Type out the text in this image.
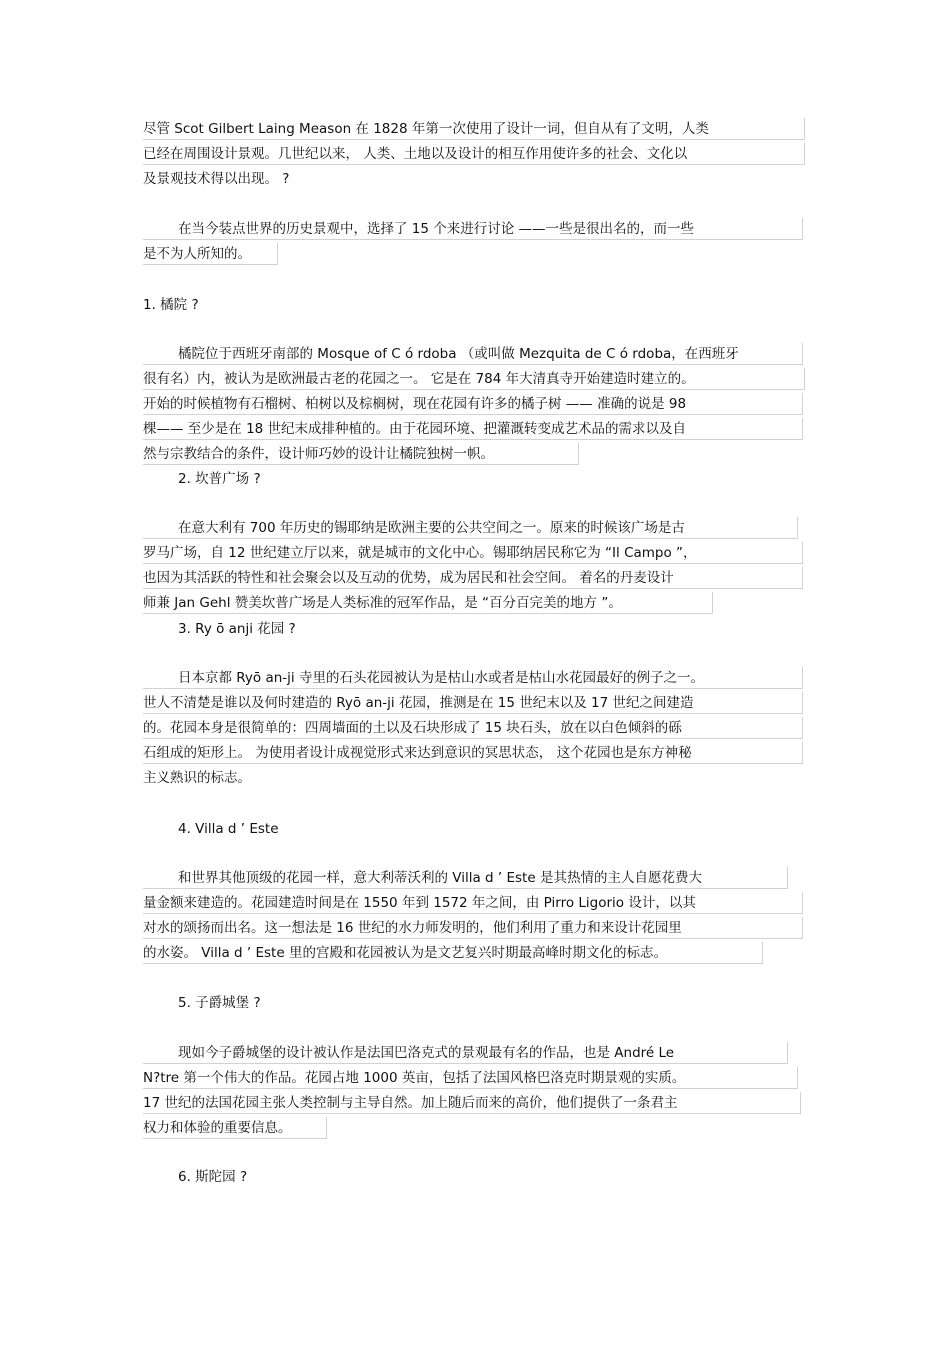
尽管 Scot Gilbert Laing Meason 在 1828 年第一次使用了设计一词，但自从有了文明，人类
已经在周围设计景观。几世纪以来， 人类、土地以及设计的相互作用使许多的社会、文化以
及景观技术得以出现。 ?
在当今装点世界的历史景观中，选择了 15 个来进行讨论 ——一些是很出名的，而一些
是不为人所知的。
1. 橘院 ?
橘院位于西班牙南部的 Mosque of C ó rdoba （或叫做 Mezquita de C ó rdoba，在西班牙
很有名）内，被认为是欧洲最古老的花园之一。 它是在 784 年大清真寺开始建造时建立的。
开始的时候植物有石榴树、柏树以及棕榈树，现在花园有许多的橘子树 —— 准确的说是 98
棵—— 至少是在 18 世纪末成排种植的。由于花园环境、把灌溉转变成艺术品的需求以及自
然与宗教结合的条件，设计师巧妙的设计让橘院独树一帜。
2. 坎普广场 ?
在意大利有 700 年历史的锡耶纳是欧洲主要的公共空间之一。原来的时候该广场是古
罗马广场，自 12 世纪建立厅以来，就是城市的文化中心。锡耶纳居民称它为 “Il Campo ”，
也因为其活跃的特性和社会聚会以及互动的优势，成为居民和社会空间。 着名的丹麦设计
师兼 Jan Gehl 赞美坎普广场是人类标准的冠军作品，是 “百分百完美的地方 ”。
3. Ry ō anji 花园 ?
日本京都 Ryō an-ji 寺里的石头花园被认为是枯山水或者是枯山水花园最好的例子之一。
世人不清楚是谁以及何时建造的 Ryō an-ji 花园，推测是在 15 世纪末以及 17 世纪之间建造
的。花园本身是很简单的：四周墙面的土以及石块形成了 15 块石头，放在以白色倾斜的砾
石组成的矩形上。 为使用者设计成视觉形式来达到意识的冥思状态， 这个花园也是东方神秘
主义熟识的标志。
4. Villa d ’ Este
和世界其他顶级的花园一样，意大利蒂沃利的 Villa d ’ Este 是其热情的主人自愿花费大
量金额来建造的。花园建造时间是在 1550 年到 1572 年之间，由 Pirro Ligorio 设计，以其
对水的颂扬而出名。这一想法是 16 世纪的水力师发明的，他们利用了重力和来设计花园里
的水姿。 Villa d ’ Este 里的宫殿和花园被认为是文艺复兴时期最高峰时期文化的标志。
5. 子爵城堡 ?
现如今子爵城堡的设计被认作是法国巴洛克式的景观最有名的作品，也是 André Le
N?tre 第一个伟大的作品。花园占地 1000 英亩，包括了法国风格巴洛克时期景观的实质。
17 世纪的法国花园主张人类控制与主导自然。加上随后而来的高价，他们提供了一条君主
权力和体验的重要信息。
6. 斯陀园 ?
